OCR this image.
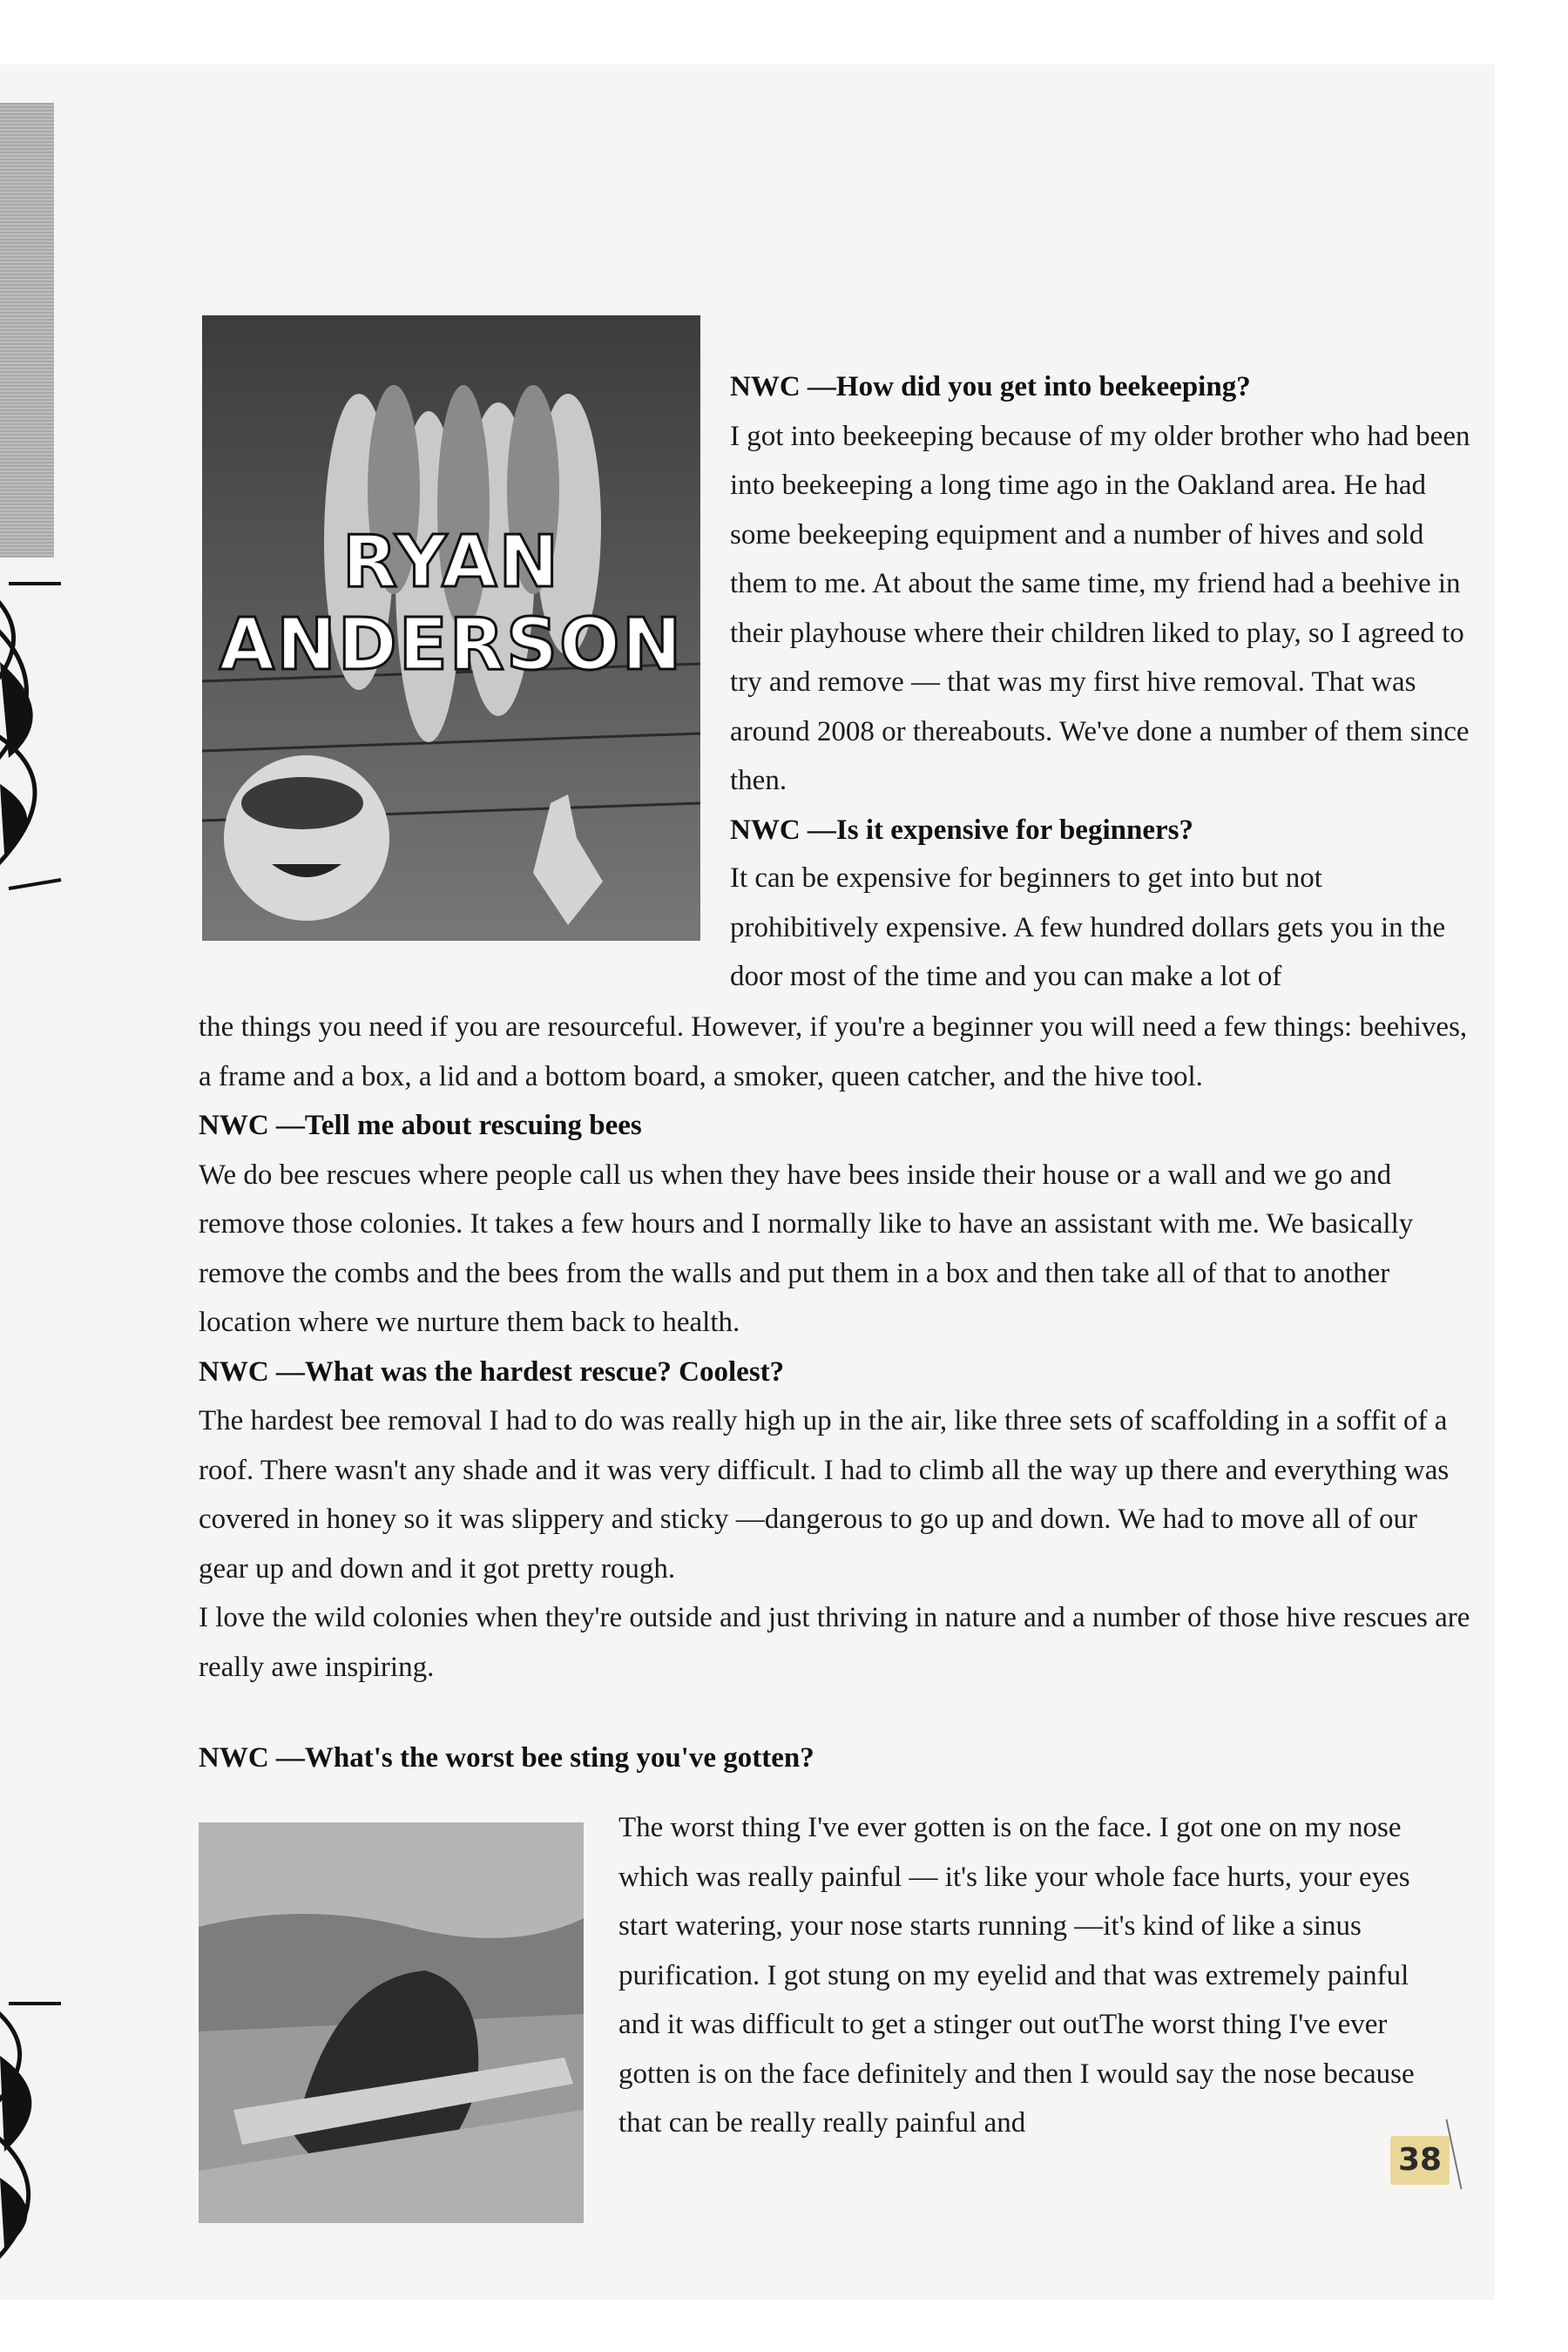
RYAN ANDERSON

NWC —How did you get into beekeeping?

I got into beekeeping because of my older brother who had been into beekeeping a long time ago in the Oakland area. He had some beekeeping equipment and a number of hives and sold them to me. At about the same time, my friend had a beehive in their playhouse where their children liked to play, so I agreed to try and remove — that was my first hive removal. That was around 2008 or thereabouts. We've done a number of them since then.

NWC —Is it expensive for beginners?

It can be expensive for beginners to get into but not prohibitively expensive. A few hundred dollars gets you in the door most of the time and you can make a lot of

the things you need if you are resourceful. However, if you're a beginner you will need a few things: beehives, a frame and a box, a lid and a bottom board, a smoker, queen catcher, and the hive tool.

NWC —Tell me about rescuing bees

We do bee rescues where people call us when they have bees inside their house or a wall and we go and remove those colonies. It takes a few hours and I normally like to have an assistant with me. We basically remove the combs and the bees from the walls and put them in a box and then take all of that to another location where we nurture them back to health.

NWC —What was the hardest rescue? Coolest?

The hardest bee removal I had to do was really high up in the air, like three sets of scaffolding in a soffit of a roof. There wasn't any shade and it was very difficult. I had to climb all the way up there and everything was covered in honey so it was slippery and sticky —dangerous to go up and down. We had to move all of our gear up and down and it got pretty rough.

I love the wild colonies when they're outside and just thriving in nature and a number of those hive rescues are really awe inspiring.

NWC —What's the worst bee sting you've gotten?

The worst thing I've ever gotten is on the face. I got one on my nose which was really painful — it's like your whole face hurts, your eyes start watering, your nose starts running —it's kind of like a sinus purification. I got stung on my eyelid and that was extremely painful and it was difficult to get a stinger out outThe worst thing I've ever gotten is on the face definitely and then I would say the nose because that can be really really painful and

38
